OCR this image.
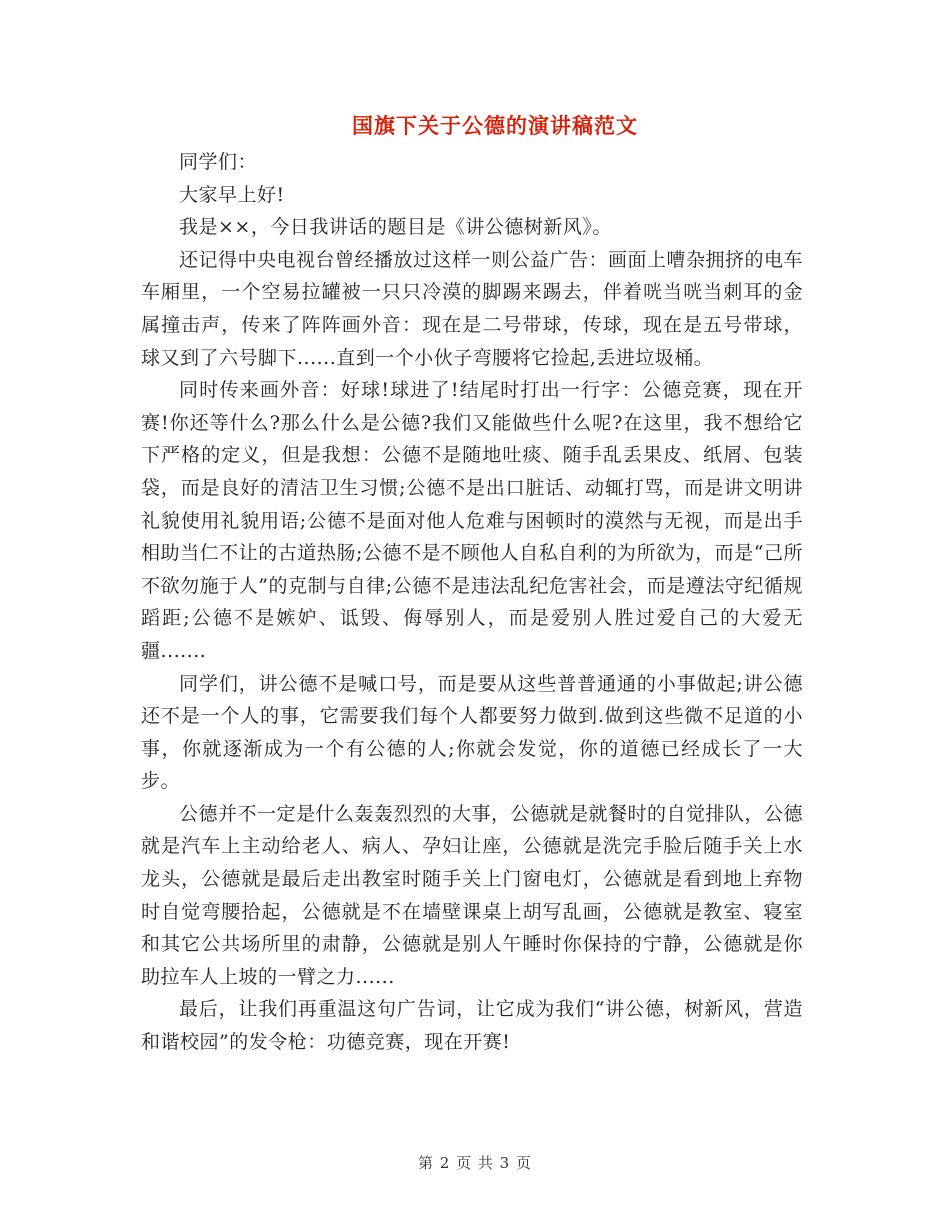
国旗下关于公德的演讲稿范文

同学们：

大家早上好!

我是××，今日我讲话的题目是《讲公德树新风》。

还记得中央电视台曾经播放过这样一则公益广告：画面上嘈杂拥挤的电车车厢里，一个空易拉罐被一只只冷漠的脚踢来踢去，伴着咣当咣当刺耳的金属撞击声，传来了阵阵画外音：现在是二号带球，传球，现在是五号带球，球又到了六号脚下......直到一个小伙子弯腰将它捡起,丢进垃圾桶。

同时传来画外音：好球!球进了!结尾时打出一行字：公德竞赛，现在开赛!你还等什么?那么什么是公德?我们又能做些什么呢?在这里，我不想给它下严格的定义，但是我想：公德不是随地吐痰、随手乱丢果皮、纸屑、包装袋，而是良好的清洁卫生习惯;公德不是出口脏话、动辄打骂，而是讲文明讲礼貌使用礼貌用语;公德不是面对他人危难与困顿时的漠然与无视，而是出手相助当仁不让的古道热肠;公德不是不顾他人自私自利的为所欲为，而是“己所不欲勿施于人”的克制与自律;公德不是违法乱纪危害社会，而是遵法守纪循规蹈距;公德不是嫉妒、诋毁、侮辱别人，而是爱别人胜过爱自己的大爱无疆.......

同学们，讲公德不是喊口号，而是要从这些普普通通的小事做起;讲公德还不是一个人的事，它需要我们每个人都要努力做到.做到这些微不足道的小事，你就逐渐成为一个有公德的人;你就会发觉，你的道德已经成长了一大步。

公德并不一定是什么轰轰烈烈的大事，公德就是就餐时的自觉排队，公德就是汽车上主动给老人、病人、孕妇让座，公德就是洗完手脸后随手关上水龙头，公德就是最后走出教室时随手关上门窗电灯，公德就是看到地上弃物时自觉弯腰拾起，公德就是不在墙壁课桌上胡写乱画，公德就是教室、寝室和其它公共场所里的肃静，公德就是别人午睡时你保持的宁静，公德就是你助拉车人上坡的一臂之力......

最后，让我们再重温这句广告词，让它成为我们“讲公德，树新风，营造和谐校园”的发令枪：功德竞赛，现在开赛!

第 2 页 共 3 页
